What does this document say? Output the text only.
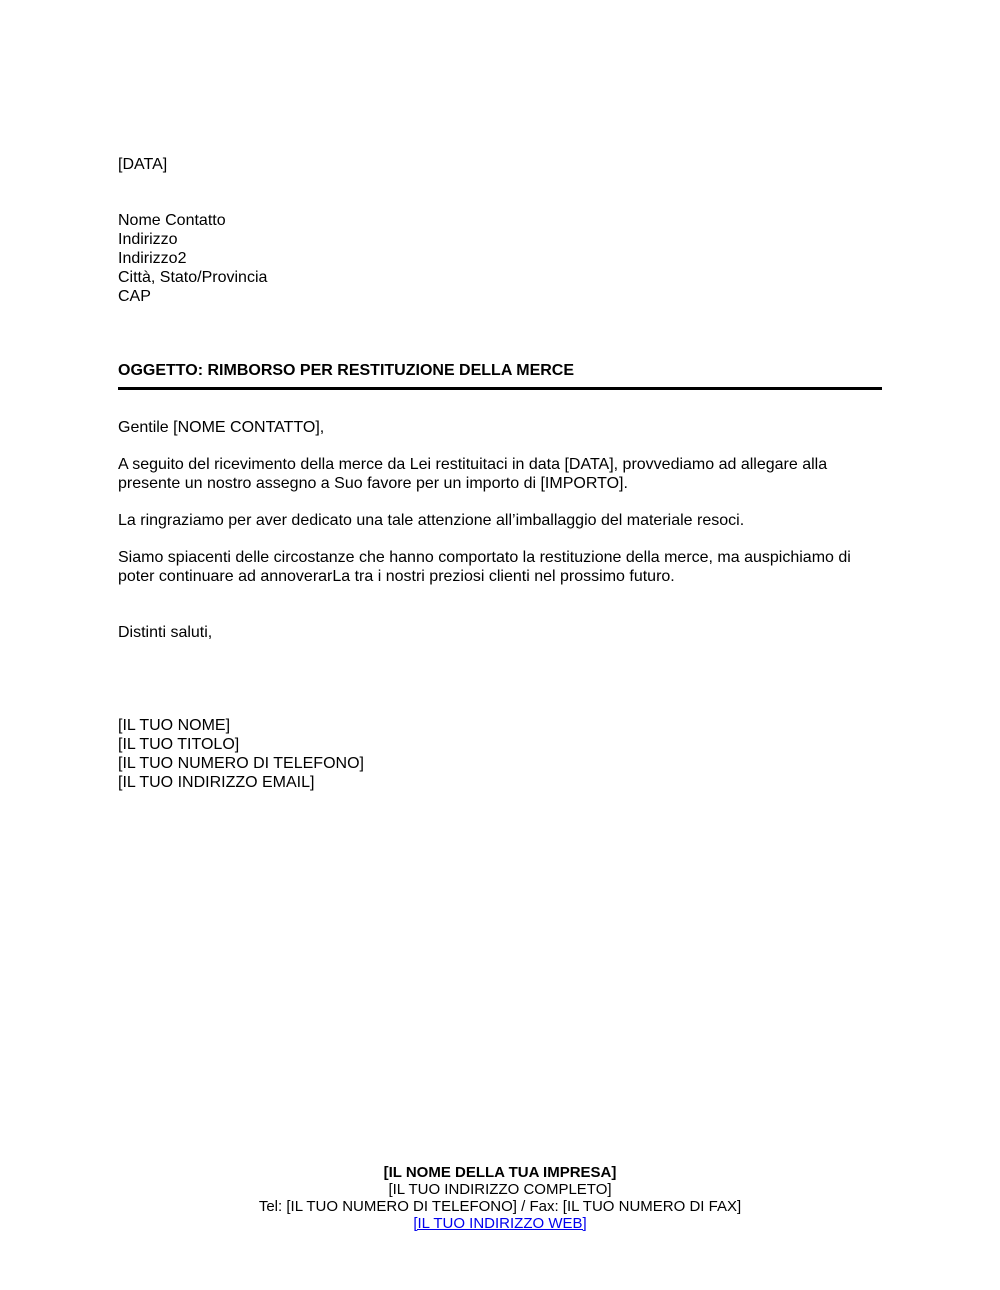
[DATA]
Nome Contatto
Indirizzo
Indirizzo2
Città, Stato/Provincia
CAP
OGGETTO: RIMBORSO PER RESTITUZIONE DELLA MERCE
Gentile [NOME CONTATTO],
A seguito del ricevimento della merce da Lei restituitaci in data [DATA], provvediamo ad allegare alla
presente un nostro assegno a Suo favore per un importo di [IMPORTO].
La ringraziamo per aver dedicato una tale attenzione all’imballaggio del materiale resoci.
Siamo spiacenti delle circostanze che hanno comportato la restituzione della merce, ma auspichiamo di
poter continuare ad annoverarLa tra i nostri preziosi clienti nel prossimo futuro.
Distinti saluti,
[IL TUO NOME]
[IL TUO TITOLO]
[IL TUO NUMERO DI TELEFONO]
[IL TUO INDIRIZZO EMAIL]
[IL NOME DELLA TUA IMPRESA]
[IL TUO INDIRIZZO COMPLETO]
Tel: [IL TUO NUMERO DI TELEFONO] / Fax: [IL TUO NUMERO DI FAX]
[IL TUO INDIRIZZO WEB]
